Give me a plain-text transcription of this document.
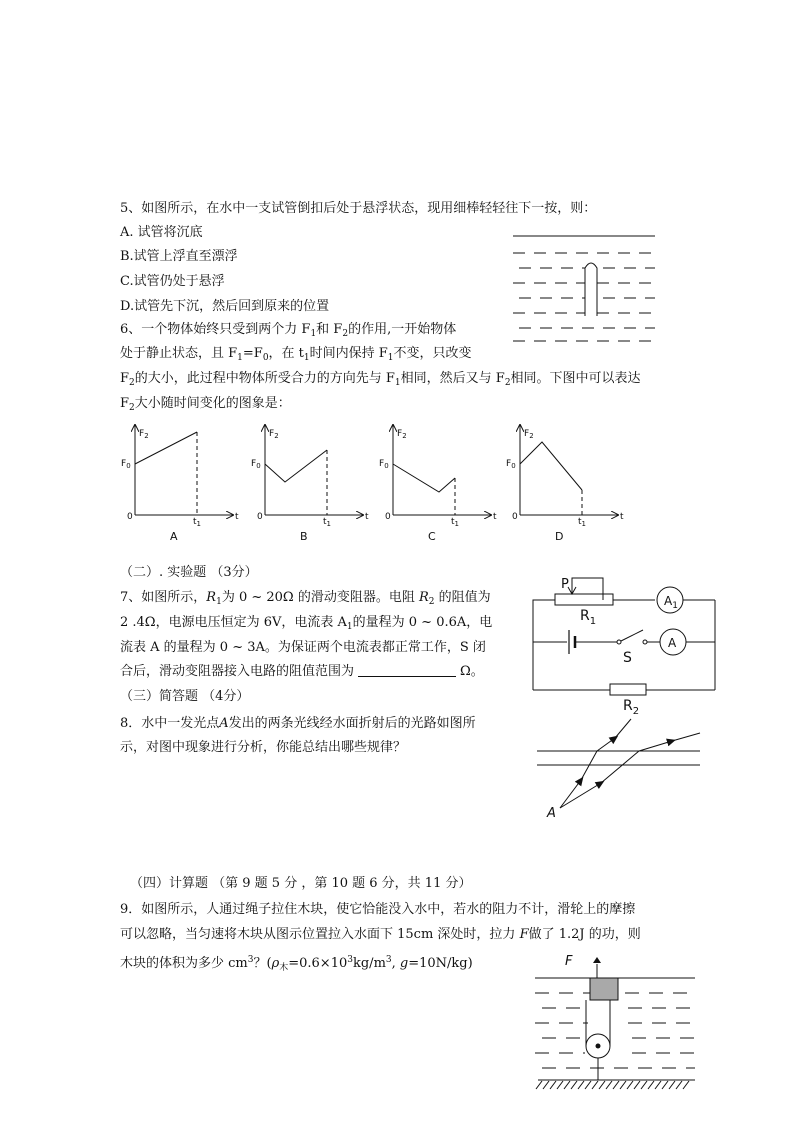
5、如图所示，在水中一支试管倒扣后处于悬浮状态，现用细棒轻轻往下一按，则：
A. 试管将沉底
B.试管上浮直至漂浮
C.试管仍处于悬浮
D.试管先下沉，然后回到原来的位置
6、一个物体始终只受到两个力 $F_1$和 $F_2$的作用,一开始物体
处于静止状态，且 $F_1=F_0$，在 $t_1$时间内保持 $F_1$不变，只改变
$F_2$的大小，此过程中物体所受合力的方向先与 $F_1$相同，然后又与 $F_2$相同。下图中可以表达
$F_2$大小随时间变化的图象是：
$F_2$
$F_0$
0	t
$t_1$
A
$F_2$
$F_0$
0	t
$t_1$
B
$F_2$
$F_0$
0	t
$t_1$
C
$F_2$
$F_0$
0	t
$t_1$
D
（二）. 实验题 （3分）
7、如图所示，$R_1$为 0 ~ 20Ω 的滑动变阻器。电阻 $R_2$ 的阻值为
2 .4Ω，电源电压恒定为 6V，电流表 $A_1$的量程为 0 ~ 0.6A，电
流表 A 的量程为 0 ~ 3A。为保证两个电流表都正常工作，S 闭
合后，滑动变阻器接入电路的阻值范围为	Ω。
P
$R_1$
$A_1$
A
S
$R_2$
（三）简答题 （4分）
8．水中一发光点A发出的两条光线经水面折射后的光路如图所
示，对图中现象进行分析，你能总结出哪些规律？
A
（四）计算题 （第 9 题 5 分 ，第 10 题 6 分，共 11 分）
9．如图所示，人通过绳子拉住木块，使它恰能没入水中，若水的阻力不计，滑轮上的摩擦
可以忽略，当匀速将木块从图示位置拉入水面下 15cm 深处时，拉力 F做了 1.2J 的功，则
木块的体积为多少 $cm^3$？($\rho_木=0.6\times 10^3kg/m^3$, g=10N/kg)	F
